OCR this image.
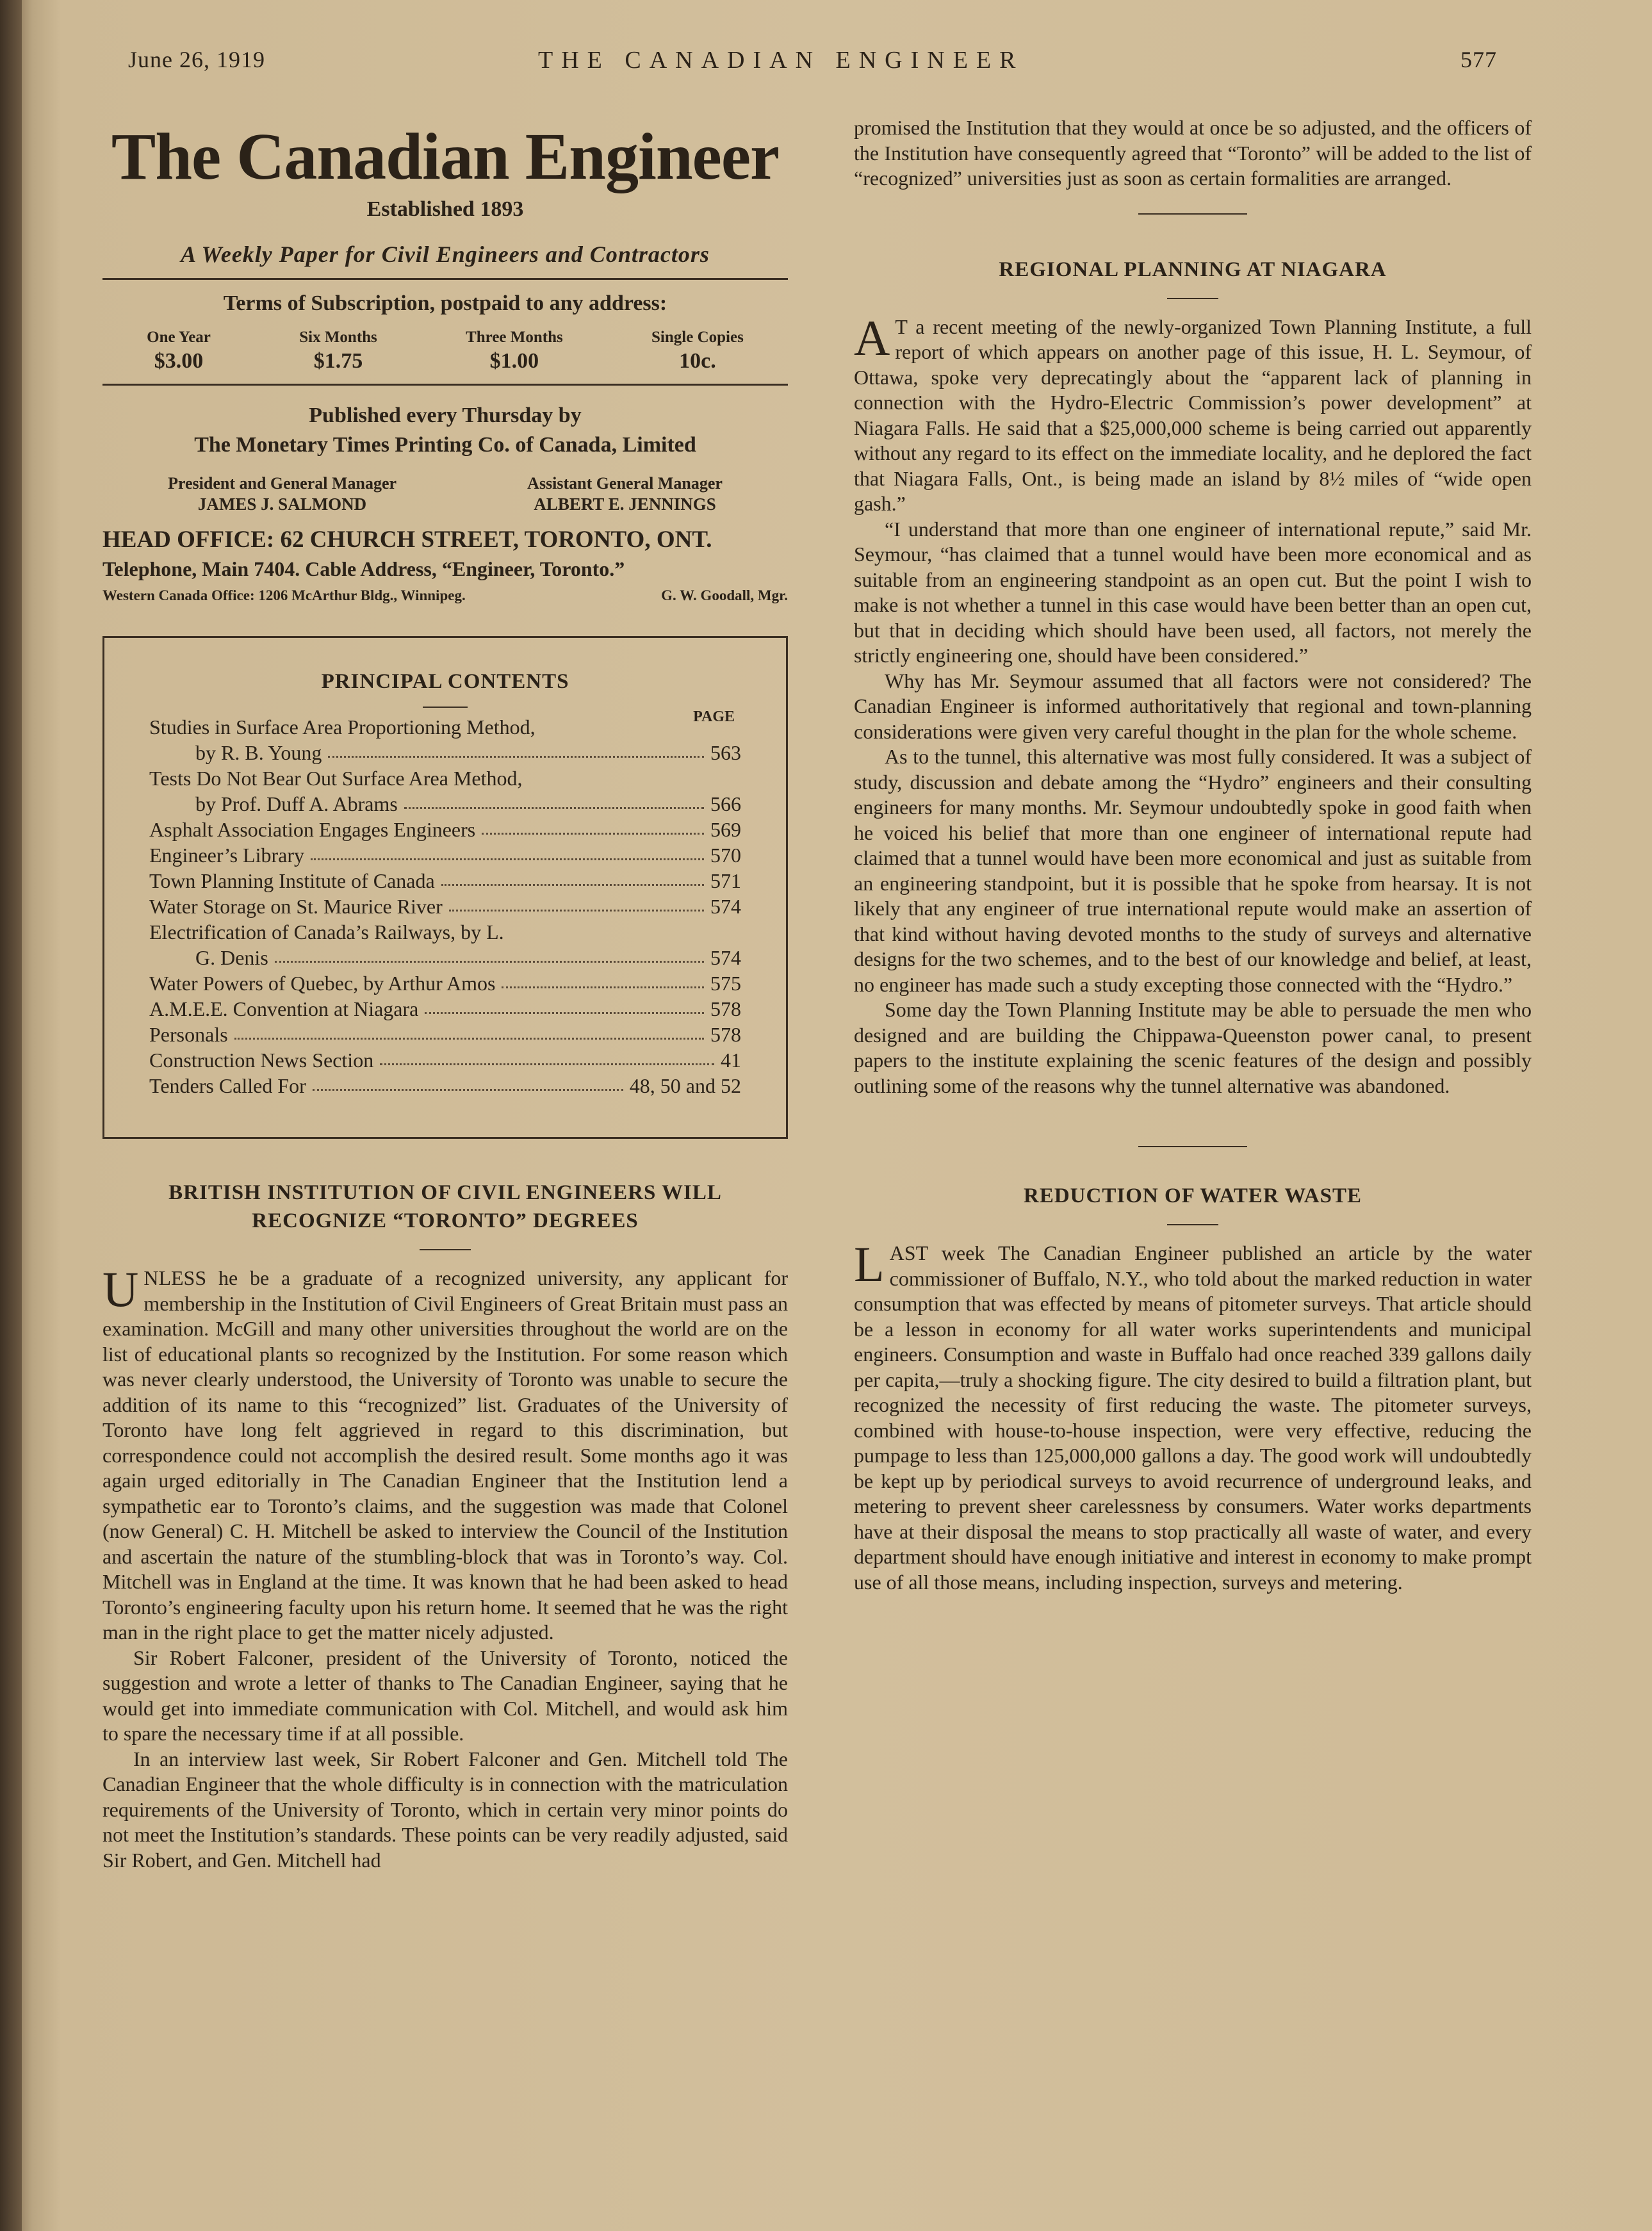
June 26, 1919	THE CANADIAN ENGINEER	577
The Canadian Engineer
Established 1893
A Weekly Paper for Civil Engineers and Contractors
Terms of Subscription, postpaid to any address:
One Year
$3.00
Six Months
$1.75
Three Months
$1.00
Single Copies
10c.
Published every Thursday by
The Monetary Times Printing Co. of Canada, Limited
President and General Manager
JAMES J. SALMOND
Assistant General Manager
ALBERT E. JENNINGS
HEAD OFFICE: 62 CHURCH STREET, TORONTO, ONT.
Telephone, Main 7404. Cable Address, “Engineer, Toronto.”
Western Canada Office: 1206 McArthur Bldg., Winnipeg.	G. W. Goodall, Mgr.
PRINCIPAL CONTENTS
PAGE
Studies in Surface Area Proportioning Method,
by R. B. Young	563
Tests Do Not Bear Out Surface Area Method,
by Prof. Duff A. Abrams	566
Asphalt Association Engages Engineers	569
Engineer’s Library	570
Town Planning Institute of Canada	571
Water Storage on St. Maurice River	574
Electrification of Canada’s Railways, by L.
G. Denis	574
Water Powers of Quebec, by Arthur Amos	575
A.M.E.E. Convention at Niagara	578
Personals	578
Construction News Section	41
Tenders Called For	48, 50 and 52
BRITISH INSTITUTION OF CIVIL ENGINEERS WILL RECOGNIZE “TORONTO” DEGREES

UNLESS he be a graduate of a recognized university, any applicant for membership in the Institution of Civil Engineers of Great Britain must pass an examination. McGill and many other universities throughout the world are on the list of educational plants so recognized by the Institution. For some reason which was never clearly understood, the University of Toronto was unable to secure the addition of its name to this “recognized” list. Graduates of the University of Toronto have long felt aggrieved in regard to this discrimination, but correspondence could not accomplish the desired result. Some months ago it was again urged editorially in The Canadian Engineer that the Institution lend a sympathetic ear to Toronto’s claims, and the suggestion was made that Colonel (now General) C. H. Mitchell be asked to interview the Council of the Institution and ascertain the nature of the stumbling-block that was in Toronto’s way. Col. Mitchell was in England at the time. It was known that he had been asked to head Toronto’s engineering faculty upon his return home. It seemed that he was the right man in the right place to get the matter nicely adjusted.

Sir Robert Falconer, president of the University of Toronto, noticed the suggestion and wrote a letter of thanks to The Canadian Engineer, saying that he would get into immediate communication with Col. Mitchell, and would ask him to spare the necessary time if at all possible.

In an interview last week, Sir Robert Falconer and Gen. Mitchell told The Canadian Engineer that the whole difficulty is in connection with the matriculation requirements of the University of Toronto, which in certain very minor points do not meet the Institution’s standards. These points can be very readily adjusted, said Sir Robert, and Gen. Mitchell had

promised the Institution that they would at once be so adjusted, and the officers of the Institution have consequently agreed that “Toronto” will be added to the list of “recognized” universities just as soon as certain formalities are arranged.

REGIONAL PLANNING AT NIAGARA

A T a recent meeting of the newly-organized Town Planning Institute, a full report of which appears on another page of this issue, H. L. Seymour, of Ottawa, spoke very deprecatingly about the “apparent lack of planning in connection with the Hydro-Electric Commission’s power development” at Niagara Falls. He said that a $25,000,000 scheme is being carried out apparently without any regard to its effect on the immediate locality, and he deplored the fact that Niagara Falls, Ont., is being made an island by 8½ miles of “wide open gash.”

“I understand that more than one engineer of international repute,” said Mr. Seymour, “has claimed that a tunnel would have been more economical and as suitable from an engineering standpoint as an open cut. But the point I wish to make is not whether a tunnel in this case would have been better than an open cut, but that in deciding which should have been used, all factors, not merely the strictly engineering one, should have been considered.”

Why has Mr. Seymour assumed that all factors were not considered? The Canadian Engineer is informed authoritatively that regional and town-planning considerations were given very careful thought in the plan for the whole scheme.

As to the tunnel, this alternative was most fully considered. It was a subject of study, discussion and debate among the “Hydro” engineers and their consulting engineers for many months. Mr. Seymour undoubtedly spoke in good faith when he voiced his belief that more than one engineer of international repute had claimed that a tunnel would have been more economical and just as suitable from an engineering standpoint, but it is possible that he spoke from hearsay. It is not likely that any engineer of true international repute would make an assertion of that kind without having devoted months to the study of surveys and alternative designs for the two schemes, and to the best of our knowledge and belief, at least, no engineer has made such a study excepting those connected with the “Hydro.”

Some day the Town Planning Institute may be able to persuade the men who designed and are building the Chippawa-Queenston power canal, to present papers to the institute explaining the scenic features of the design and possibly outlining some of the reasons why the tunnel alternative was abandoned.

REDUCTION OF WATER WASTE

LAST week The Canadian Engineer published an article by the water commissioner of Buffalo, N.Y., who told about the marked reduction in water consumption that was effected by means of pitometer surveys. That article should be a lesson in economy for all water works superintendents and municipal engineers. Consumption and waste in Buffalo had once reached 339 gallons daily per capita,—truly a shocking figure. The city desired to build a filtration plant, but recognized the necessity of first reducing the waste. The pitometer surveys, combined with house-to-house inspection, were very effective, reducing the pumpage to less than 125,000,000 gallons a day. The good work will undoubtedly be kept up by periodical surveys to avoid recurrence of underground leaks, and metering to prevent sheer carelessness by consumers. Water works departments have at their disposal the means to stop practically all waste of water, and every department should have enough initiative and interest in economy to make prompt use of all those means, including inspection, surveys and metering.
